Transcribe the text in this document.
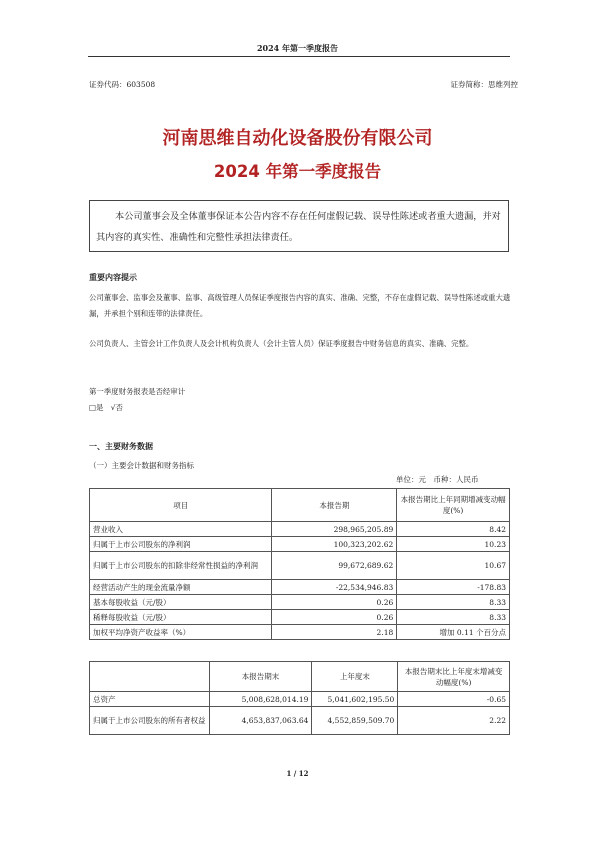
2024 年第一季度报告
证券代码：603508	证券简称：思维列控
河南思维自动化设备股份有限公司
2024 年第一季度报告
本公司董事会及全体董事保证本公告内容不存在任何虚假记载、误导性陈述或者重大遗漏，并对其内容的真实性、准确性和完整性承担法律责任。
重要内容提示
公司董事会、监事会及董事、监事、高级管理人员保证季度报告内容的真实、准确、完整，不存在虚假记载、误导性陈述或重大遗漏，并承担个别和连带的法律责任。
公司负责人、主管会计工作负责人及会计机构负责人（会计主管人员）保证季度报告中财务信息的真实、准确、完整。
第一季度财务报表是否经审计
□是　√否
一、主要财务数据
（一）主要会计数据和财务指标
单位：元　币种：人民币
项目	本报告期	本报告期比上年同期增减变动幅度(%)
营业收入	298,965,205.89	8.42
归属于上市公司股东的净利润	100,323,202.62	10.23
归属于上市公司股东的扣除非经常性损益的净利润	99,672,689.62	10.67
经营活动产生的现金流量净额	-22,534,946.83	-178.83
基本每股收益（元/股）	0.26	8.33
稀释每股收益（元/股）	0.26	8.33
加权平均净资产收益率（%）	2.18	增加 0.11 个百分点
	本报告期末	上年度末	本报告期末比上年度末增减变动幅度(%)
总资产	5,008,628,014.19	5,041,602,195.50	-0.65
归属于上市公司股东的所有者权益	4,653,837,063.64	4,552,859,509.70	2.22
1 / 12
